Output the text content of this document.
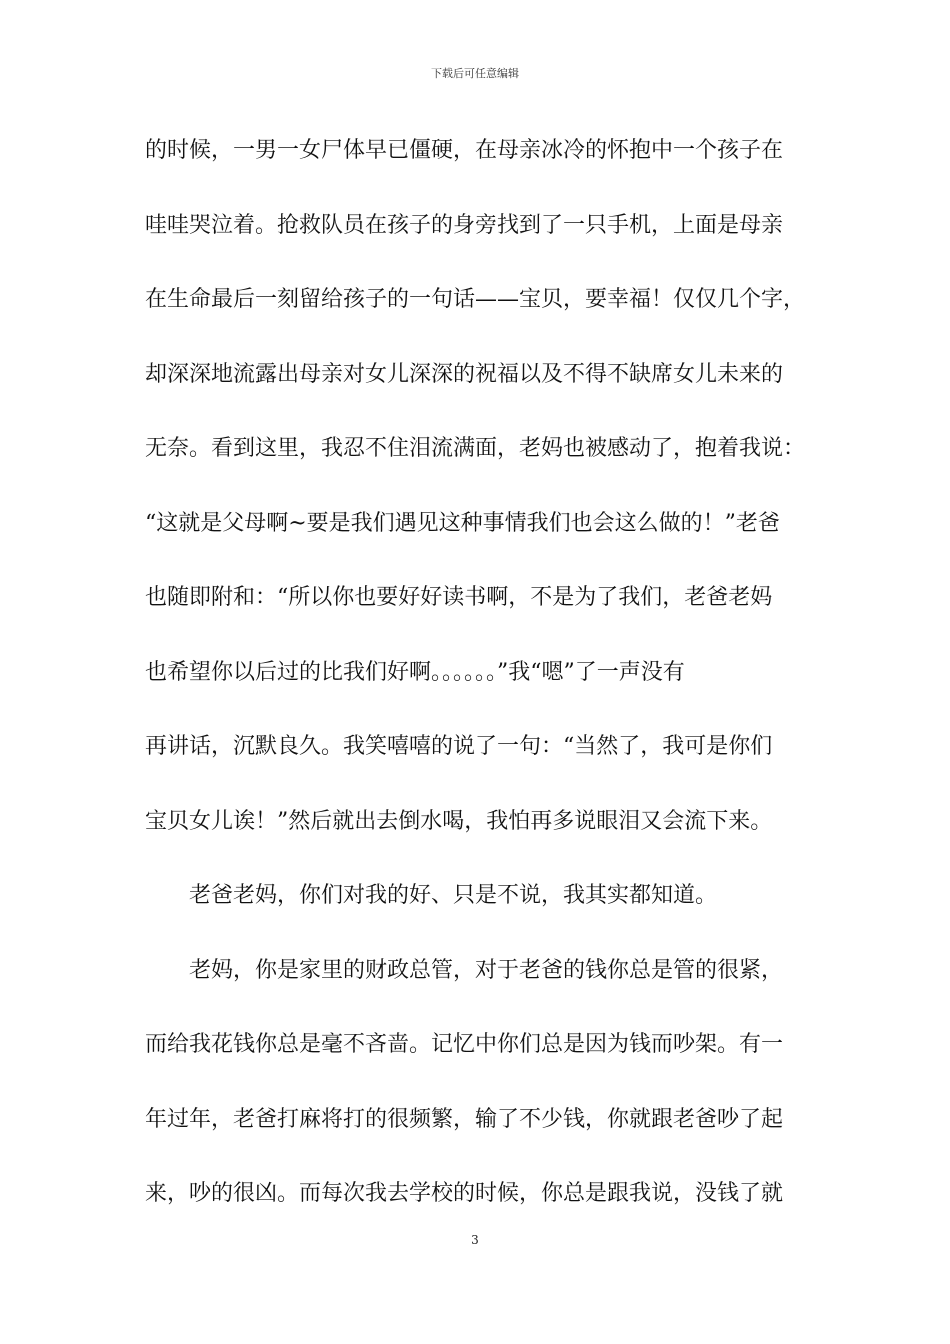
下载后可任意编辑
的时候，一男一女尸体早已僵硬，在母亲冰冷的怀抱中一个孩子在
哇哇哭泣着。抢救队员在孩子的身旁找到了一只手机，上面是母亲
在生命最后一刻留给孩子的一句话——宝贝，要幸福！仅仅几个字，
却深深地流露出母亲对女儿深深的祝福以及不得不缺席女儿未来的
无奈。看到这里，我忍不住泪流满面，老妈也被感动了，抱着我说：
“这就是父母啊~要是我们遇见这种事情我们也会这么做的！”老爸
也随即附和：“所以你也要好好读书啊，不是为了我们，老爸老妈
也希望你以后过的比我们好啊。。。。。。”我“嗯”了一声没有
再讲话，沉默良久。我笑嘻嘻的说了一句：“当然了，我可是你们
宝贝女儿诶！”然后就出去倒水喝，我怕再多说眼泪又会流下来。
老爸老妈，你们对我的好、只是不说，我其实都知道。
老妈，你是家里的财政总管，对于老爸的钱你总是管的很紧，
而给我花钱你总是毫不吝啬。记忆中你们总是因为钱而吵架。有一
年过年，老爸打麻将打的很频繁，输了不少钱，你就跟老爸吵了起
来，吵的很凶。而每次我去学校的时候，你总是跟我说，没钱了就
3
